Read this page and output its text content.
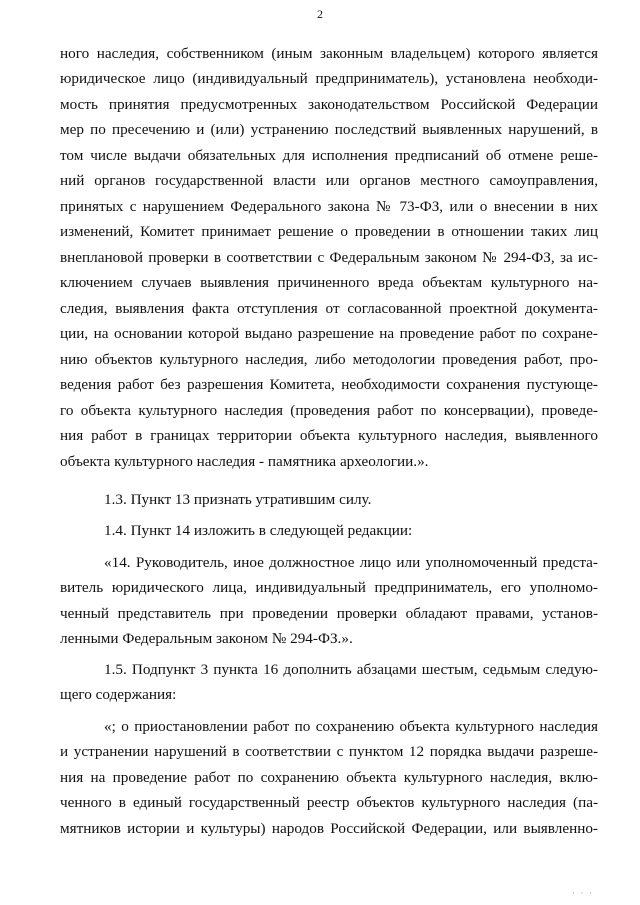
2
ного наследия, собственником (иным законным владельцем) которого является
юридическое лицо (индивидуальный предприниматель), установлена необходи-
мость принятия предусмотренных законодательством Российской Федерации
мер по пресечению и (или) устранению последствий выявленных нарушений, в
том числе выдачи обязательных для исполнения предписаний об отмене реше-
ний органов государственной власти или органов местного самоуправления,
принятых с нарушением Федерального закона № 73-ФЗ, или о внесении в них
изменений, Комитет принимает решение о проведении в отношении таких лиц
внеплановой проверки в соответствии с Федеральным законом № 294-ФЗ, за ис-
ключением случаев выявления причиненного вреда объектам культурного на-
следия, выявления факта отступления от согласованной проектной документа-
ции, на основании которой выдано разрешение на проведение работ по сохране-
нию объектов культурного наследия, либо методологии проведения работ, про-
ведения работ без разрешения Комитета, необходимости сохранения пустующе-
го объекта культурного наследия (проведения работ по консервации), проведе-
ния работ в границах территории объекта культурного наследия, выявленного
объекта культурного наследия - памятника археологии.».
1.3. Пункт 13 признать утратившим силу.
1.4. Пункт 14 изложить в следующей редакции:
«14. Руководитель, иное должностное лицо или уполномоченный предста-
витель юридического лица, индивидуальный предприниматель, его уполномо-
ченный представитель при проведении проверки обладают правами, установ-
ленными Федеральным законом № 294-ФЗ.».
1.5. Подпункт 3 пункта 16 дополнить абзацами шестым, седьмым следую-
щего содержания:
«; о приостановлении работ по сохранению объекта культурного наследия
и устранении нарушений в соответствии с пунктом 12 порядка выдачи разреше-
ния на проведение работ по сохранению объекта культурного наследия, вклю-
ченного в единый государственный реестр объектов культурного наследия (па-
мятников истории и культуры) народов Российской Федерации, или выявленно-
· · ·
